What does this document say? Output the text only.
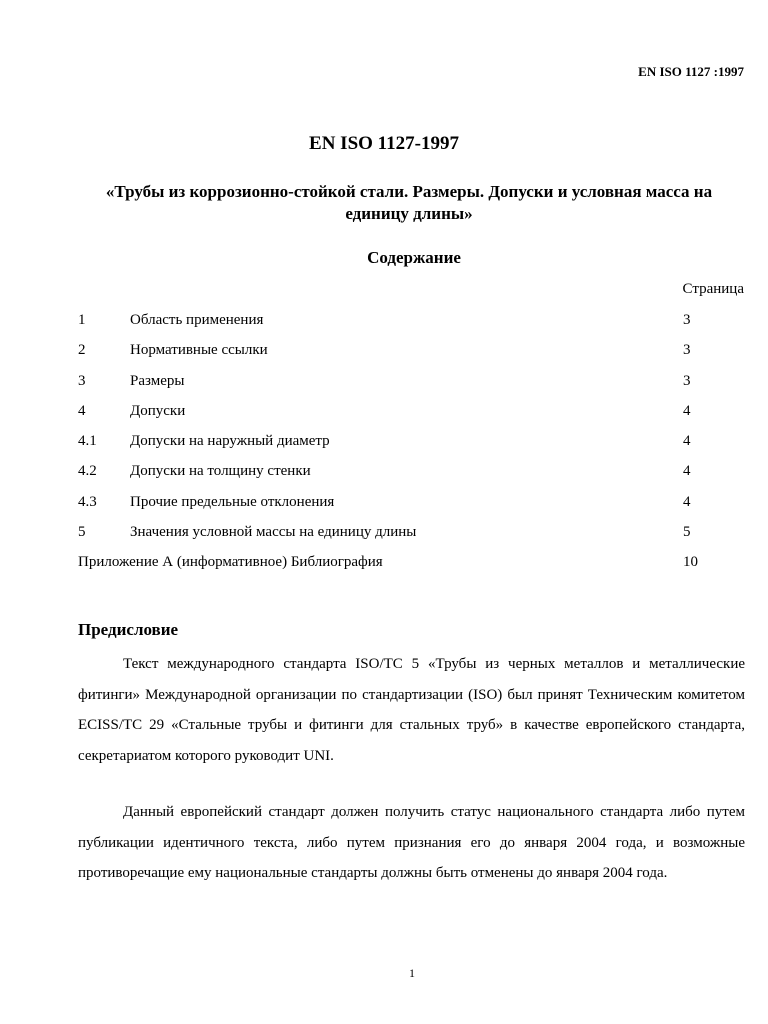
EN ISO 1127 :1997
EN ISO 1127-1997
«Трубы из коррозионно-стойкой стали. Размеры. Допуски и условная масса на единицу длины»
Содержание
Страница
1	Область применения	3
2	Нормативные ссылки	3
3	Размеры	3
4	Допуски	4
4.1 Допуски на наружный диаметр	4
4.2 Допуски на толщину стенки	4
4.3 Прочие предельные отклонения	4
5	Значения условной массы на единицу длины	5
Приложение А (информативное) Библиография	10
Предисловие

Текст международного стандарта ISO/TC 5 «Трубы из черных металлов и металлические фитинги» Международной организации по стандартизации (ISO) был принят Техническим комитетом ECISS/TC 29 «Стальные трубы и фитинги для стальных труб» в качестве европейского стандарта, секретариатом которого руководит UNI.

Данный европейский стандарт должен получить статус национального стандарта либо путем публикации идентичного текста, либо путем признания его до января 2004 года, и возможные противоречащие ему национальные стандарты должны быть отменены до января 2004 года.

1
